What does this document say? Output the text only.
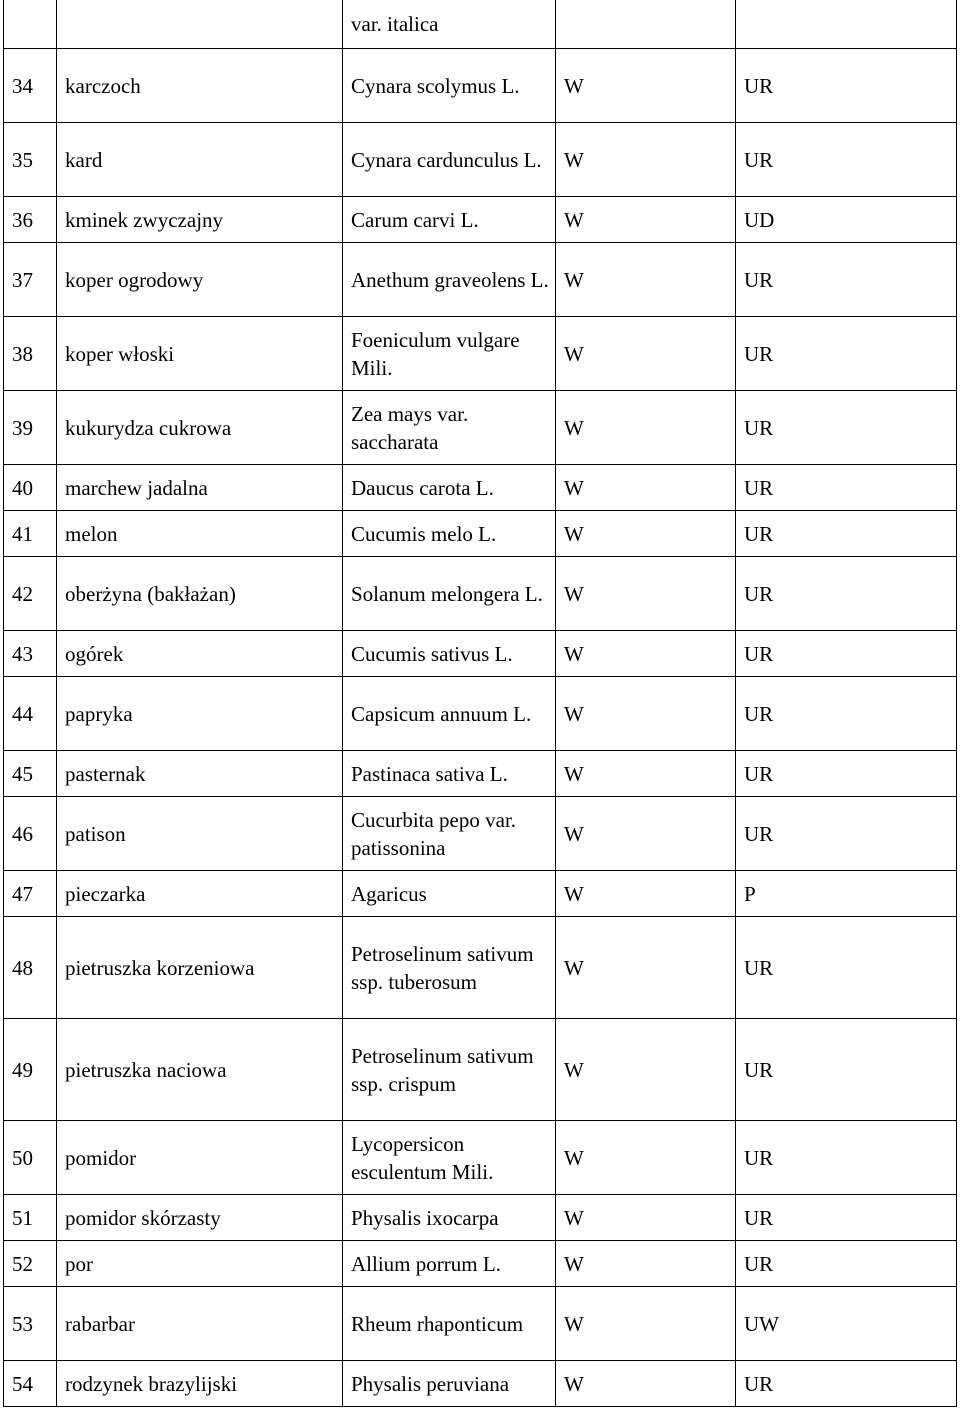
		var. italica		
34	karczoch	Cynara scolymus L.	W	UR
35	kard	Cynara cardunculus L.	W	UR
36	kminek zwyczajny	Carum carvi L.	W	UD
37	koper ogrodowy	Anethum graveolens L.	W	UR
38	koper włoski	Foeniculum vulgare Mili.	W	UR
39	kukurydza cukrowa	Zea mays var. saccharata	W	UR
40	marchew jadalna	Daucus carota L.	W	UR
41	melon	Cucumis melo L.	W	UR
42	oberżyna (bakłażan)	Solanum melongera L.	W	UR
43	ogórek	Cucumis sativus L.	W	UR
44	papryka	Capsicum annuum L.	W	UR
45	pasternak	Pastinaca sativa L.	W	UR
46	patison	Cucurbita pepo var. patissonina	W	UR
47	pieczarka	Agaricus	W	P
48	pietruszka korzeniowa	Petroselinum sativum ssp. tuberosum	W	UR
49	pietruszka naciowa	Petroselinum sativum ssp. crispum	W	UR
50	pomidor	Lycopersicon esculentum Mili.	W	UR
51	pomidor skórzasty	Physalis ixocarpa	W	UR
52	por	Allium porrum L.	W	UR
53	rabarbar	Rheum rhaponticum	W	UW
54	rodzynek brazylijski	Physalis peruviana	W	UR
